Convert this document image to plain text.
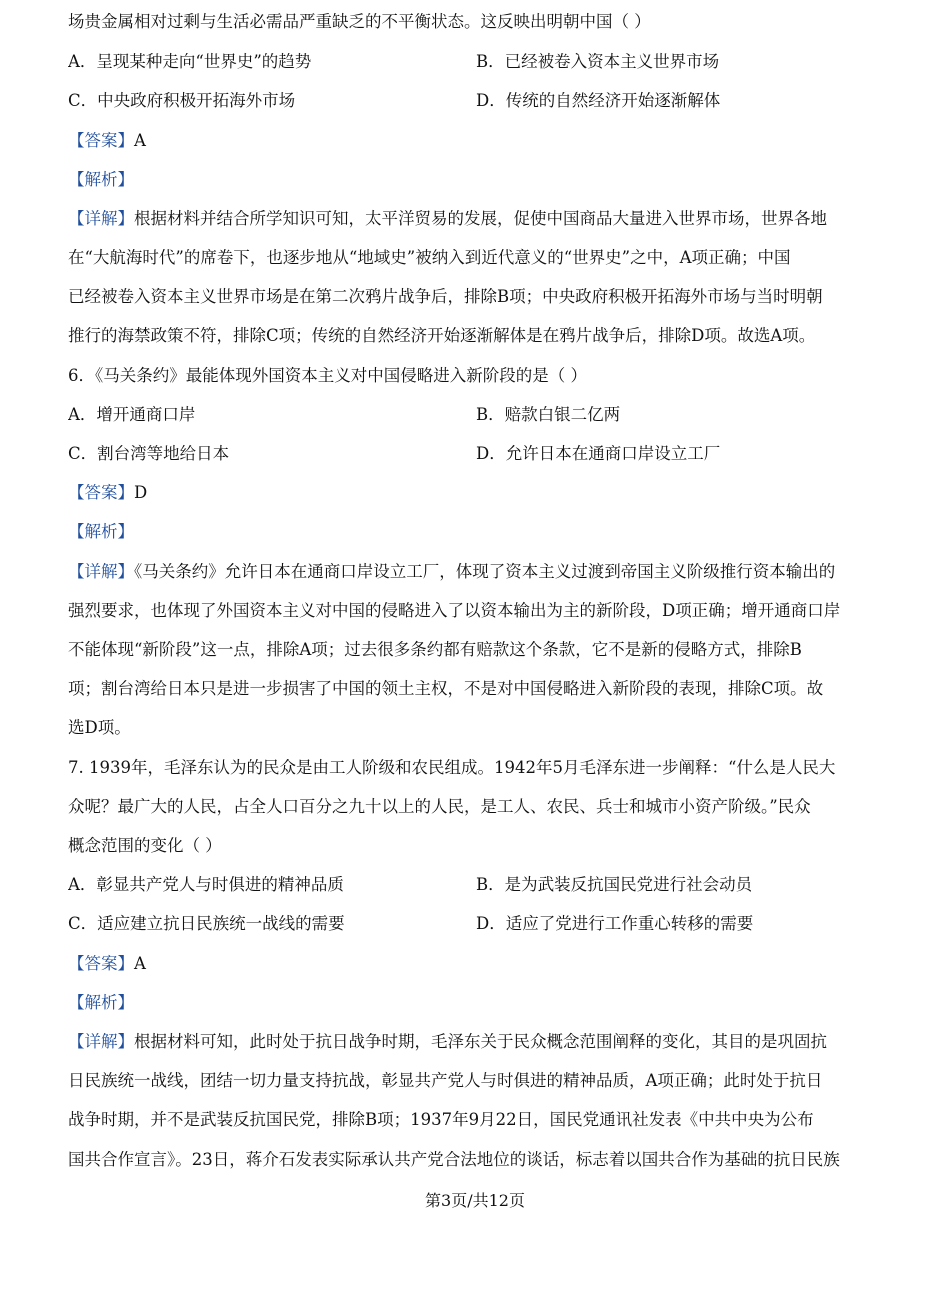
场贵金属相对过剩与生活必需品严重缺乏的不平衡状态。这反映出明朝中国（ ）
A．呈现某种走向“世界史”的趋势	B．已经被卷入资本主义世界市场
C．中央政府积极开拓海外市场	D．传统的自然经济开始逐渐解体
【答案】A
【解析】
【详解】根据材料并结合所学知识可知，太平洋贸易的发展，促使中国商品大量进入世界市场，世界各地
在“大航海时代”的席卷下，也逐步地从“地域史”被纳入到近代意义的“世界史”之中，A项正确；中国
已经被卷入资本主义世界市场是在第二次鸦片战争后，排除B项；中央政府积极开拓海外市场与当时明朝
推行的海禁政策不符，排除C项；传统的自然经济开始逐渐解体是在鸦片战争后，排除D项。故选A项。
6．《马关条约》最能体现外国资本主义对中国侵略进入新阶段的是（ ）
A．增开通商口岸	B．赔款白银二亿两
C．割台湾等地给日本	D．允许日本在通商口岸设立工厂
【答案】D
【解析】
【详解】《马关条约》允许日本在通商口岸设立工厂，体现了资本主义过渡到帝国主义阶级推行资本输出的
强烈要求，也体现了外国资本主义对中国的侵略进入了以资本输出为主的新阶段，D项正确；增开通商口岸
不能体现“新阶段”这一点，排除A项；过去很多条约都有赔款这个条款，它不是新的侵略方式，排除B
项；割台湾给日本只是进一步损害了中国的领土主权，不是对中国侵略进入新阶段的表现，排除C项。故
选D项。
7. 1939年，毛泽东认为的民众是由工人阶级和农民组成。1942年5月毛泽东进一步阐释：“什么是人民大
众呢？最广大的人民，占全人口百分之九十以上的人民，是工人、农民、兵士和城市小资产阶级。”民众
概念范围的变化（ ）
A．彰显共产党人与时俱进的精神品质	B．是为武装反抗国民党进行社会动员
C．适应建立抗日民族统一战线的需要	D．适应了党进行工作重心转移的需要
【答案】A
【解析】
【详解】根据材料可知，此时处于抗日战争时期，毛泽东关于民众概念范围阐释的变化，其目的是巩固抗
日民族统一战线，团结一切力量支持抗战，彰显共产党人与时俱进的精神品质，A项正确；此时处于抗日
战争时期，并不是武装反抗国民党，排除B项；1937年9月22日，国民党通讯社发表《中共中央为公布
国共合作宣言》。23日，蒋介石发表实际承认共产党合法地位的谈话，标志着以国共合作为基础的抗日民族
第3页/共12页
